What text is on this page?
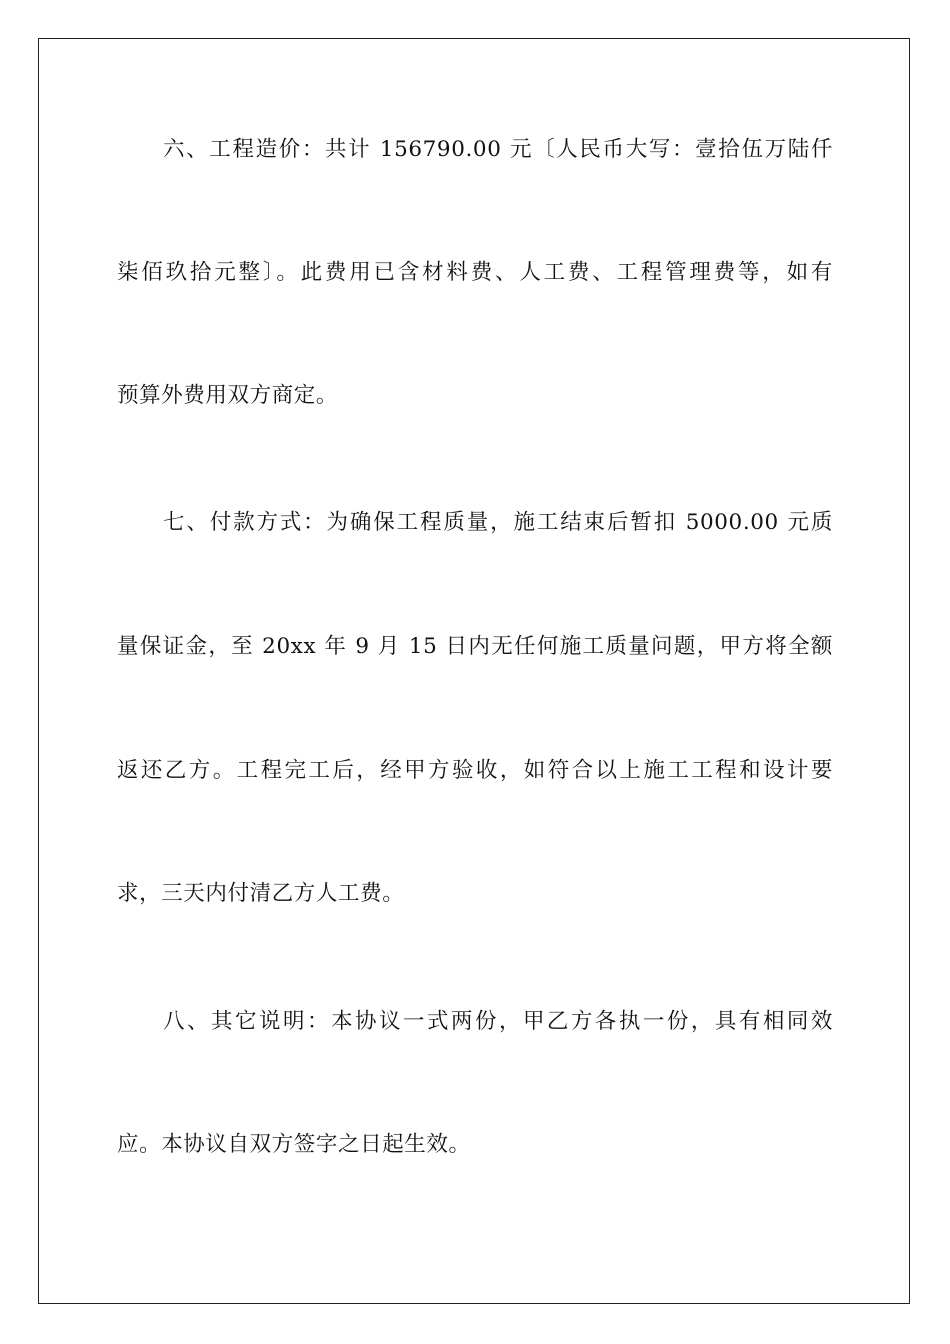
六、工程造价：共计 156790.00 元〔人民币大写：壹拾伍万陆仟
柒佰玖拾元整〕。此费用已含材料费、人工费、工程管理费等，如有
预算外费用双方商定。
七、付款方式：为确保工程质量，施工结束后暂扣 5000.00 元质
量保证金，至 20xx 年 9 月 15 日内无任何施工质量问题，甲方将全额
返还乙方。工程完工后，经甲方验收，如符合以上施工工程和设计要
求，三天内付清乙方人工费。
八、其它说明：本协议一式两份，甲乙方各执一份，具有相同效
应。本协议自双方签字之日起生效。
